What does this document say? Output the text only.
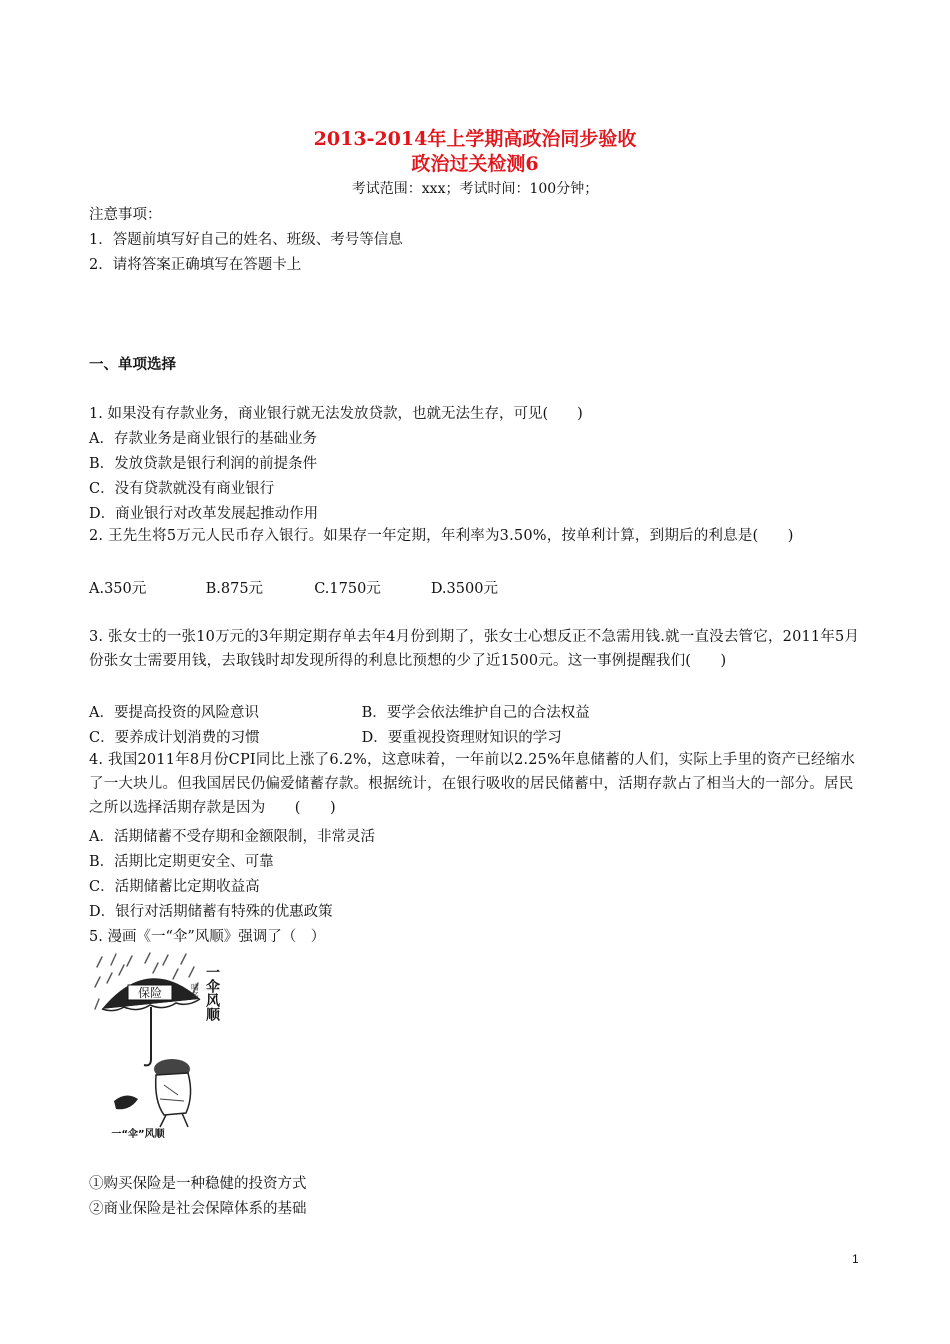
2013-2014年上学期高政治同步验收
政治过关检测6
考试范围：xxx；考试时间：100分钟；
注意事项：
1．答题前填写好自己的姓名、班级、考号等信息
2．请将答案正确填写在答题卡上
一、单项选择
1. 如果没有存款业务，商业银行就无法发放贷款，也就无法生存，可见(　　)
A．存款业务是商业银行的基础业务
B．发放贷款是银行利润的前提条件
C．没有贷款就没有商业银行
D．商业银行对改革发展起推动作用
2. 王先生将5万元人民币存入银行。如果存一年定期，年利率为3.50%，按单利计算，到期后的利息是(　　)
A.350元	B.875元	C.1750元	D.3500元
3. 张女士的一张10万元的3年期定期存单去年4月份到期了，张女士心想反正不急需用钱.就一直没去管它，2011年5月份张女士需要用钱，去取钱时却发现所得的利息比预想的少了近1500元。这一事例提醒我们(　　)
A．要提高投资的风险意识	B．要学会依法维护自己的合法权益
C．要养成计划消费的习惯	D．要重视投资理财知识的学习
4. 我国2011年8月份CPI同比上涨了6.2%，这意味着，一年前以2.25%年息储蓄的人们，实际上手里的资产已经缩水了一大块儿。但我国居民仍偏爱储蓄存款。根据统计，在银行吸收的居民储蓄中，活期存款占了相当大的一部分。居民之所以选择活期存款是因为　　(　　)
A．活期储蓄不受存期和金额限制，非常灵活
B．活期比定期更安全、可靠
C．活期储蓄比定期收益高
D．银行对活期储蓄有特殊的优惠政策
5. 漫画《一“伞”风顺》强调了（　）
保险	一伞风顺
啸名
一“伞”风顺
①购买保险是一种稳健的投资方式
②商业保险是社会保障体系的基础
1
